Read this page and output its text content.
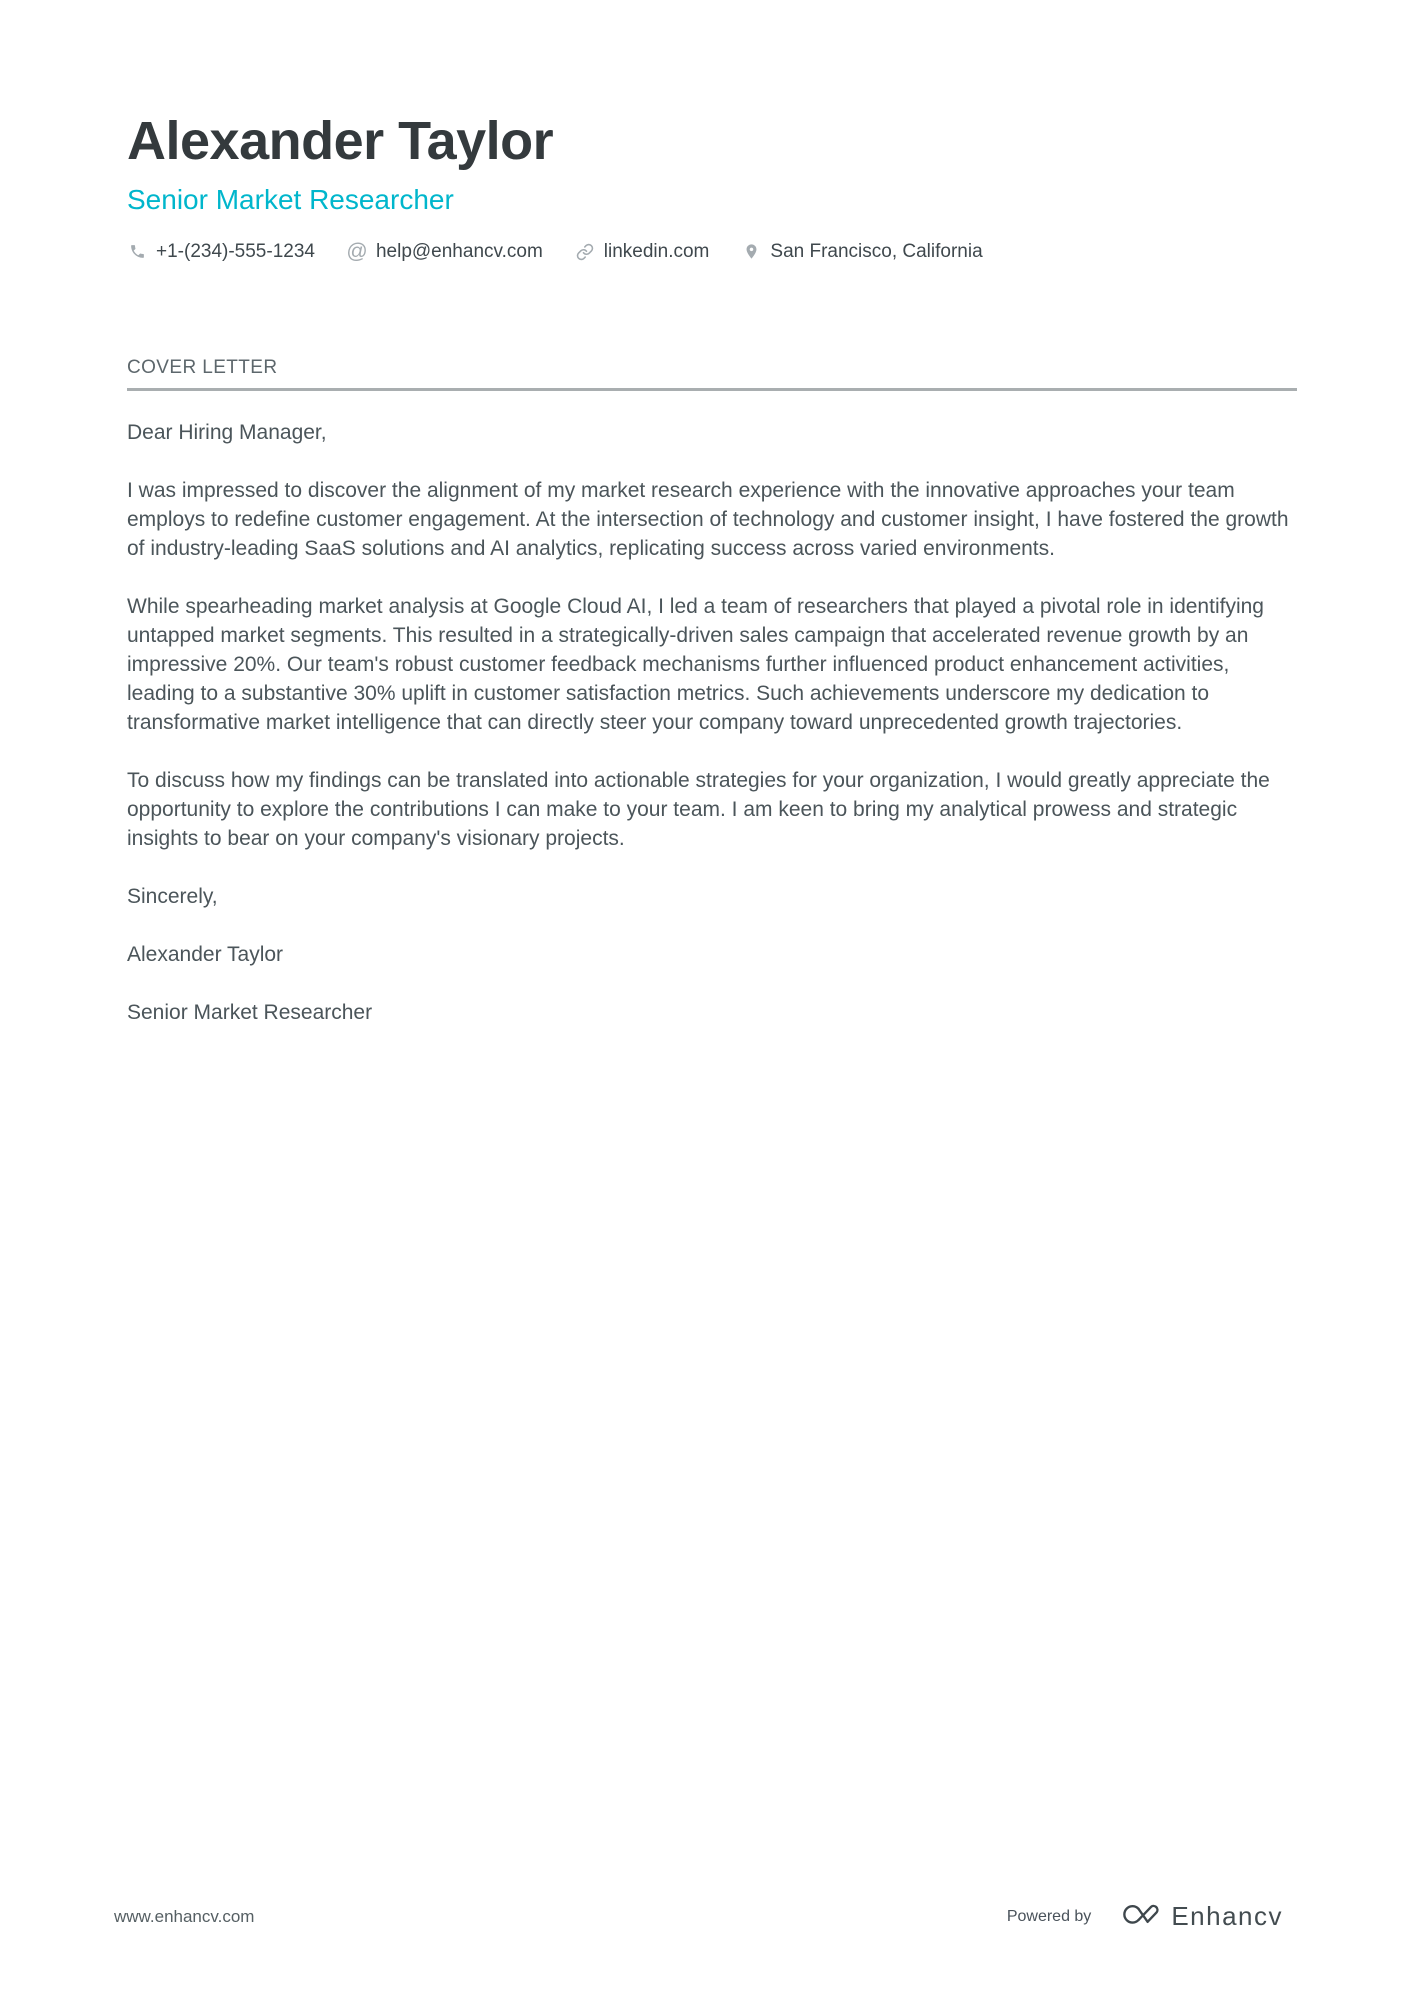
Alexander Taylor
Senior Market Researcher
+1-(234)-555-1234 @ help@enhancv.com	linkedin.com	San Francisco, California
COVER LETTER

Dear Hiring Manager,

I was impressed to discover the alignment of my market research experience with the innovative approaches your team employs to redefine customer engagement. At the intersection of technology and customer insight, I have fostered the growth of industry-leading SaaS solutions and AI analytics, replicating success across varied environments.

While spearheading market analysis at Google Cloud AI, I led a team of researchers that played a pivotal role in identifying untapped market segments. This resulted in a strategically-driven sales campaign that accelerated revenue growth by an impressive 20%. Our team's robust customer feedback mechanisms further influenced product enhancement activities, leading to a substantive 30% uplift in customer satisfaction metrics. Such achievements underscore my dedication to transformative market intelligence that can directly steer your company toward unprecedented growth trajectories.

To discuss how my findings can be translated into actionable strategies for your organization, I would greatly appreciate the opportunity to explore the contributions I can make to your team. I am keen to bring my analytical prowess and strategic insights to bear on your company's visionary projects.

Sincerely,

Alexander Taylor

Senior Market Researcher

www.enhancv.com	Powered by	Enhancv
